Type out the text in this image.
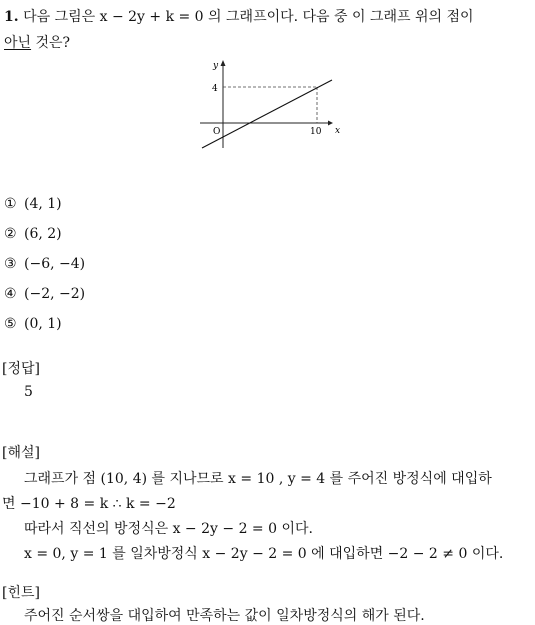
1. 다음 그림은 x − 2y + k = 0 의 그래프이다. 다음 중 이 그래프 위의 점이
아닌 것은?
y
x
O
4
10
① (4, 1)
② (6, 2)
③ (−6, −4)
④ (−2, −2)
⑤ (0, 1)
[정답]
5
[해설]
그래프가 점 (10, 4) 를 지나므로 x = 10 , y = 4 를 주어진 방정식에 대입하
면 −10 + 8 = k ∴ k = −2
따라서 직선의 방정식은 x − 2y − 2 = 0 이다.
x = 0, y = 1 를 일차방정식 x − 2y − 2 = 0 에 대입하면 −2 − 2 ≠ 0 이다.
[힌트]
주어진 순서쌍을 대입하여 만족하는 값이 일차방정식의 해가 된다.
